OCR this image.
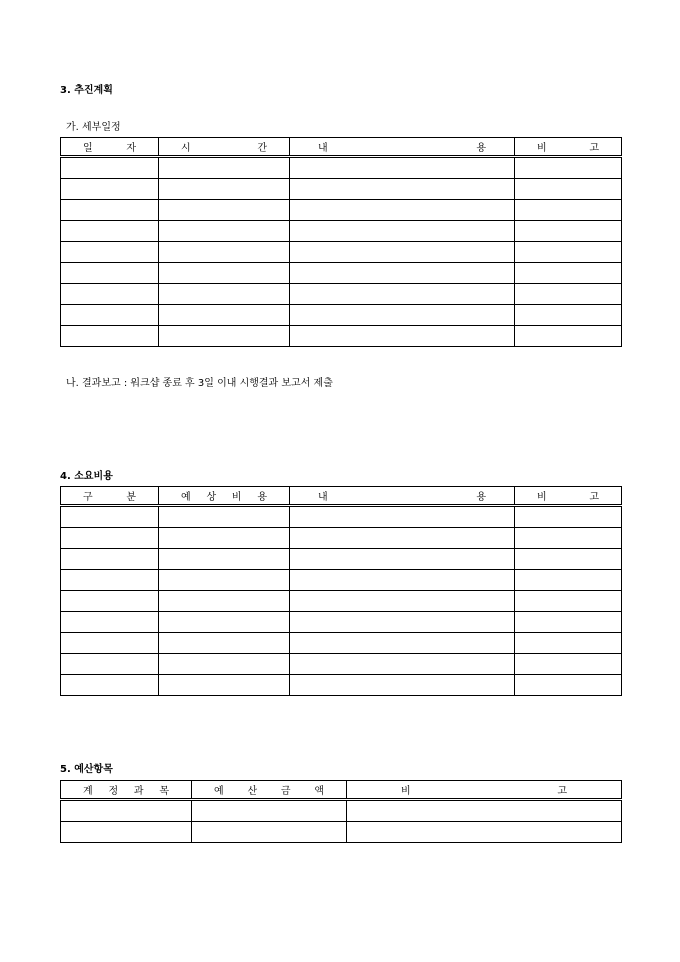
3. 추진계획
가. 세부일정
일 자	시 간	내 용	비 고

나. 결과보고 : 워크샵 종료 후 3일 이내 시행결과 보고서 제출
4. 소요비용
구 분	예 상 비 용	내 용	비 고

5. 예산항목
계 정 과 목	예 산 금 액	비 고
